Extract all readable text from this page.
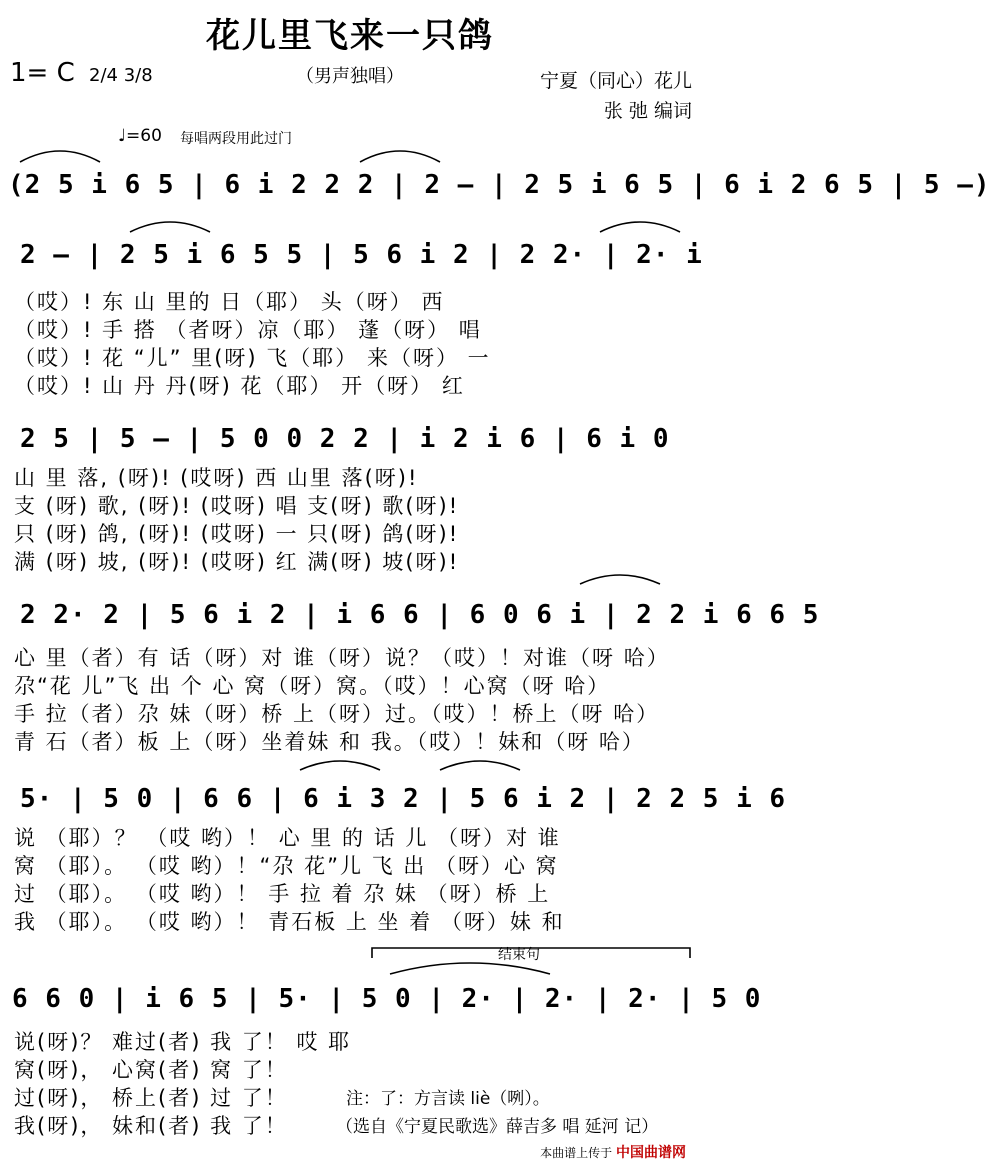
花儿里飞来一只鸽
（男声独唱）
1= C 2/4 3/8	宁夏（同心）花儿
张 弛 编词
♩=60 每唱两段用此过门
(2 5 i 6 5 | 6 i 2 2 2 | 2 – | 2 5 i 6 5 | 6 i 2 6 5 | 5 –)
2 – | 2 5 i 6 5 5 | 5 6 i 2 | 2 2· | 2· i
（哎）! 东 山 里的 日（耶） 头（呀） 西
（哎）! 手 搭 （者呀）凉（耶） 蓬（呀） 唱
（哎）! 花 “儿” 里(呀) 飞（耶） 来（呀） 一
（哎）! 山 丹 丹(呀) 花（耶） 开（呀） 红
2 5 | 5 – | 5 0 0 2 2 | i 2 i 6 | 6 i 0
山 里 落, (呀)! (哎呀) 西 山里 落(呀)!
支 (呀) 歌, (呀)! (哎呀) 唱 支(呀) 歌(呀)!
只 (呀) 鸽, (呀)! (哎呀) 一 只(呀) 鸽(呀)!
满 (呀) 坡, (呀)! (哎呀) 红 满(呀) 坡(呀)!
2 2· 2 | 5 6 i 2 | i 6 6 | 6 0 6 i | 2 2 i 6 6 5
心 里（者）有 话（呀）对 谁（呀）说？（哎）！对谁（呀 哈）
尕“花 儿”飞 出 个 心 窝（呀）窝。（哎）！心窝（呀 哈）
手 拉（者）尕 妹（呀）桥 上（呀）过。（哎）！桥上（呀 哈）
青 石（者）板 上（呀）坐着妹 和 我。（哎）！妹和（呀 哈）
5· | 5 0 | 6 6 | 6 i 3 2 | 5 6 i 2 | 2 2 5 i 6
说 （耶）？ （哎 哟）！ 心 里 的 话 儿 （呀）对 谁
窝 （耶）。 （哎 哟）！“尕 花”儿 飞 出 （呀）心 窝
过 （耶）。 （哎 哟）！ 手 拉 着 尕 妹 （呀）桥 上
我 （耶）。 （哎 哟）！ 青石板 上 坐 着 （呀）妹 和
结束句
6 6 0 | i 6 5 | 5· | 5 0 | 2· | 2· | 2· | 5 0
说(呀)？ 难过(者) 我 了！ 哎 耶
窝(呀)， 心窝(者) 窝 了！
过(呀)， 桥上(者) 过 了！
我(呀)， 妹和(者) 我 了！
注：了：方言读 liè（咧）。
（选自《宁夏民歌选》薛吉多 唱 延河 记）
本曲谱上传于 中国曲谱网
